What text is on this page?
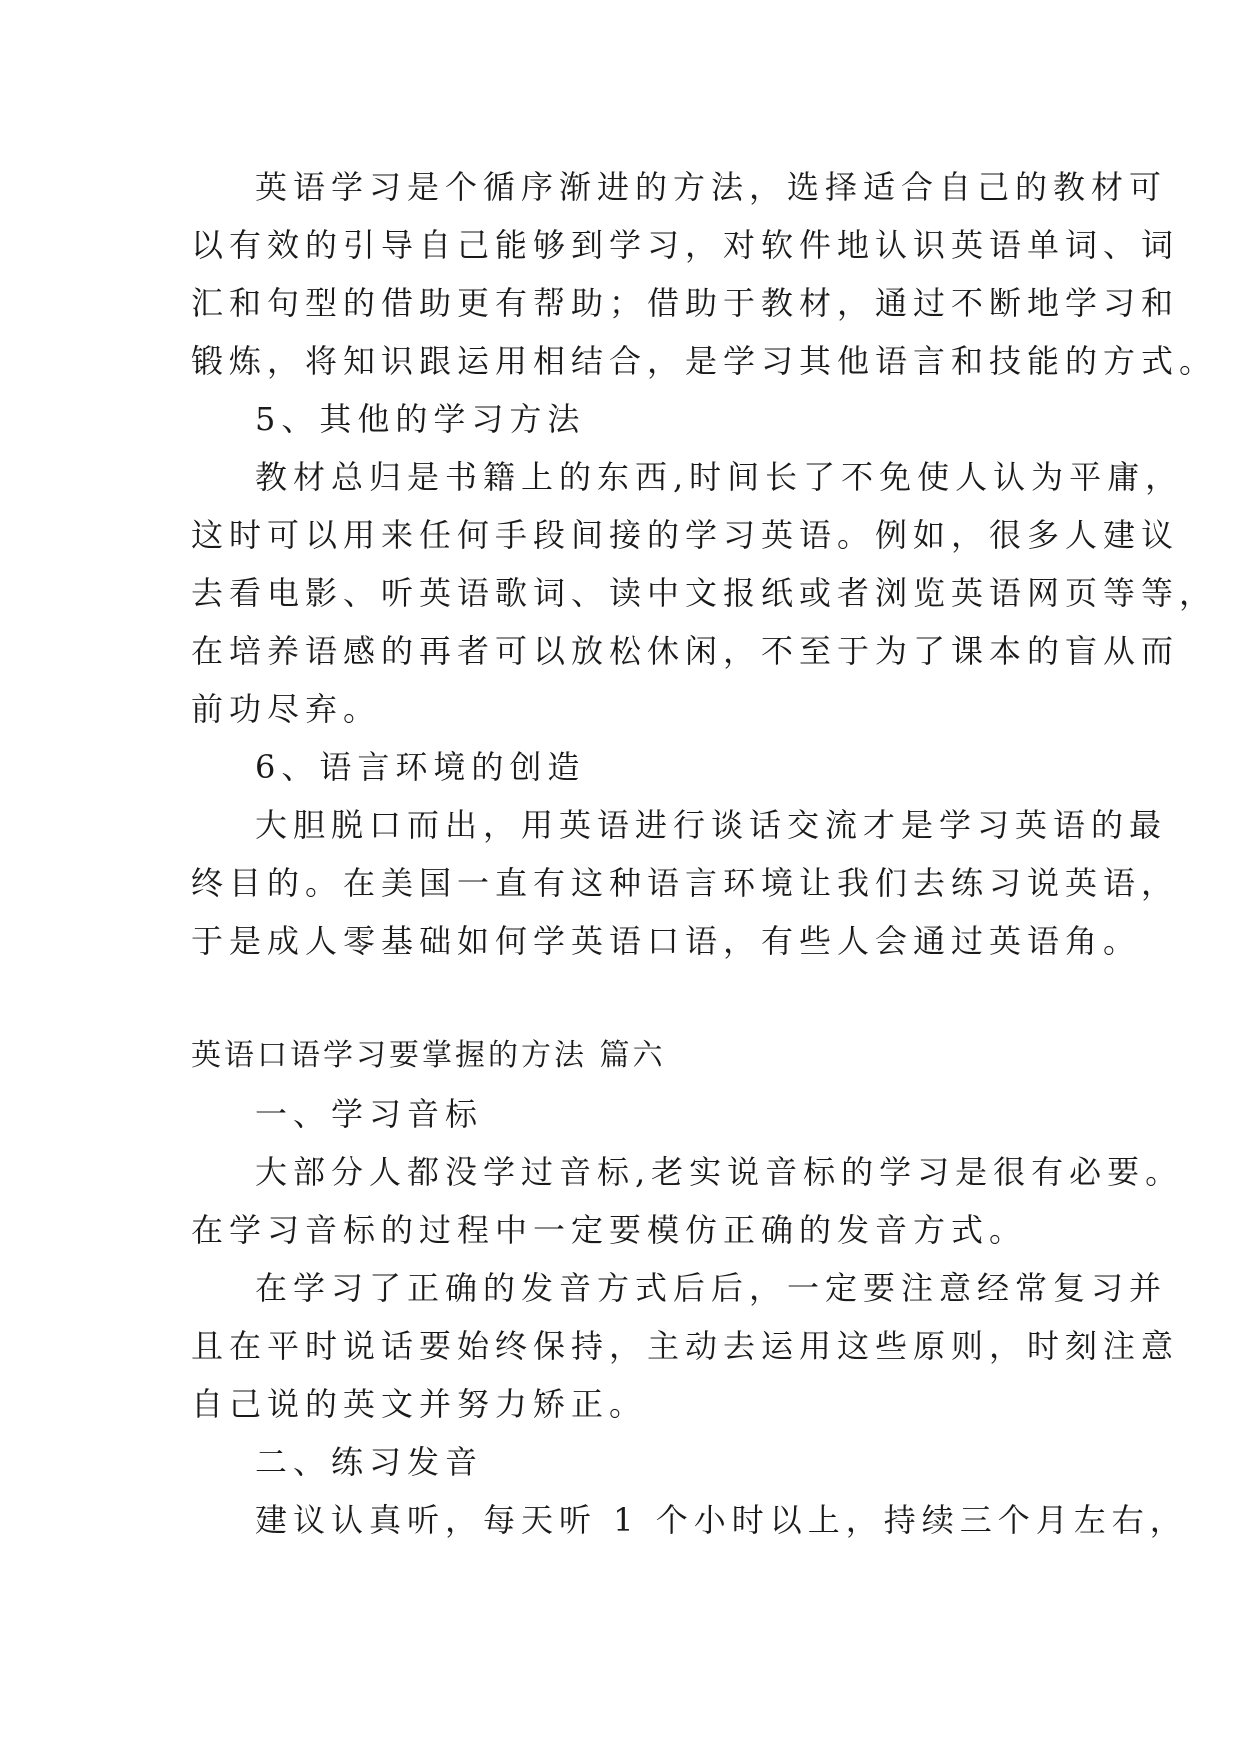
英语学习是个循序渐进的方法，选择适合自己的教材可
以有效的引导自己能够到学习，对软件地认识英语单词、词
汇和句型的借助更有帮助；借助于教材，通过不断地学习和
锻炼，将知识跟运用相结合，是学习其他语言和技能的方式。
5、其他的学习方法
教材总归是书籍上的东西,时间长了不免使人认为平庸，
这时可以用来任何手段间接的学习英语。例如，很多人建议
去看电影、听英语歌词、读中文报纸或者浏览英语网页等等，
在培养语感的再者可以放松休闲，不至于为了课本的盲从而
前功尽弃。
6、语言环境的创造
大胆脱口而出，用英语进行谈话交流才是学习英语的最
终目的。在美国一直有这种语言环境让我们去练习说英语，
于是成人零基础如何学英语口语，有些人会通过英语角。
英语口语学习要掌握的方法 篇六
一、学习音标
大部分人都没学过音标,老实说音标的学习是很有必要。
在学习音标的过程中一定要模仿正确的发音方式。
在学习了正确的发音方式后后，一定要注意经常复习并
且在平时说话要始终保持，主动去运用这些原则，时刻注意
自己说的英文并努力矫正。
二、练习发音
建议认真听，每天听 1 个小时以上，持续三个月左右，
